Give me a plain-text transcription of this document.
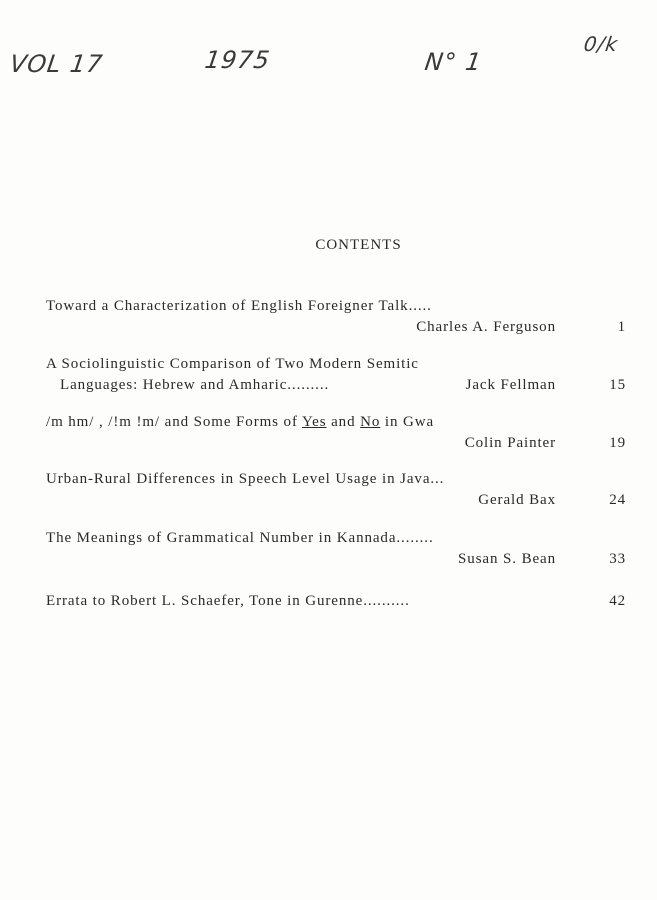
VOL 17	1975	N° 1
0/k
CONTENTS
Toward a Characterization of English Foreigner Talk.....
Charles A. Ferguson	1
A Sociolinguistic Comparison of Two Modern Semitic
Languages: Hebrew and Amharic.........	Jack Fellman	15
/m hm/ , /!m !m/ and Some Forms of Yes and No in Gwa
Colin Painter	19
Urban-Rural Differences in Speech Level Usage in Java...
Gerald Bax	24
The Meanings of Grammatical Number in Kannada........
Susan S. Bean	33
Errata to Robert L. Schaefer, Tone in Gurenne..........	42
